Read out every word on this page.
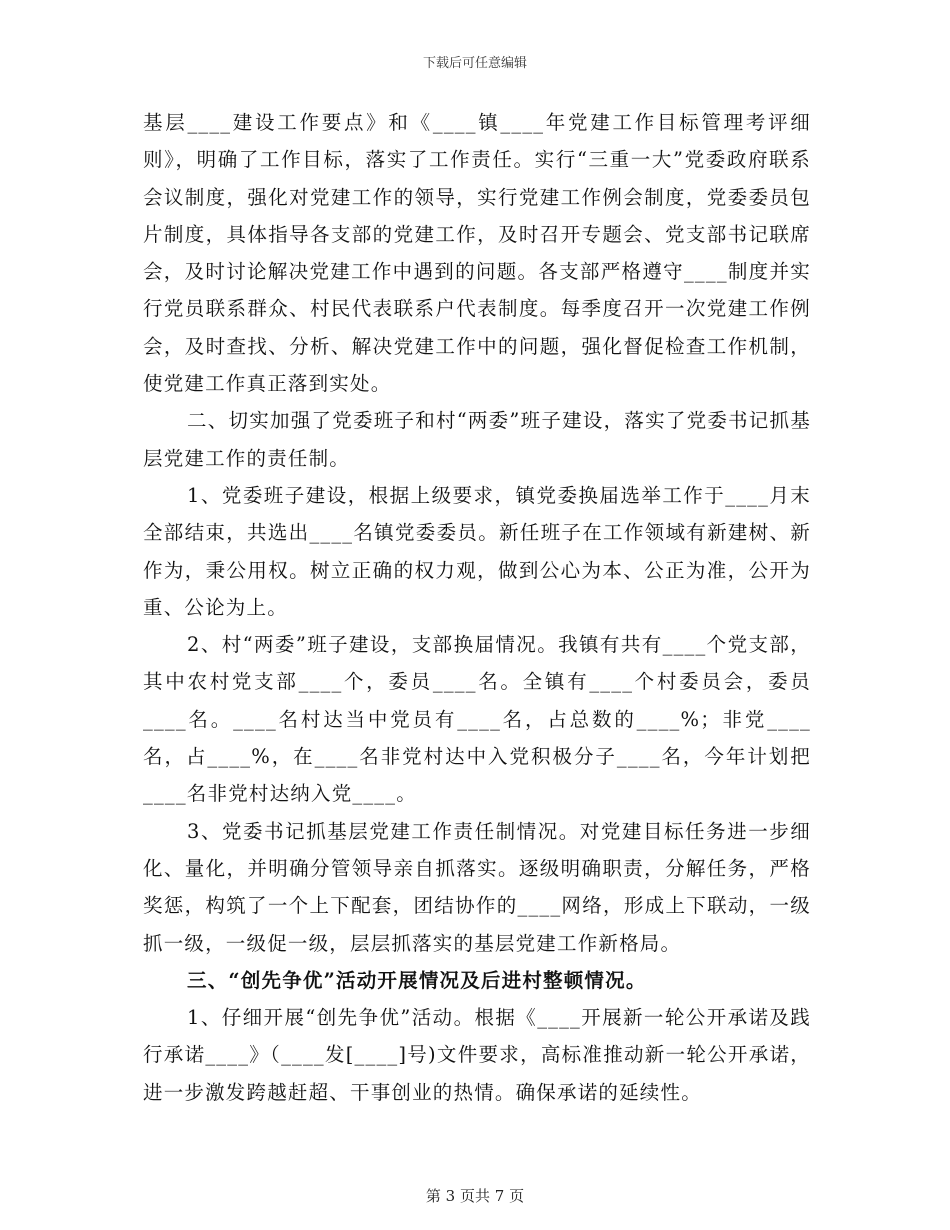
下载后可任意编辑

基层____建设工作要点》和《____镇____年党建工作目标管理考评细则》，明确了工作目标，落实了工作责任。实行“三重一大”党委政府联系会议制度，强化对党建工作的领导，实行党建工作例会制度，党委委员包片制度，具体指导各支部的党建工作，及时召开专题会、党支部书记联席会，及时讨论解决党建工作中遇到的问题。各支部严格遵守____制度并实行党员联系群众、村民代表联系户代表制度。每季度召开一次党建工作例会，及时查找、分析、解决党建工作中的问题，强化督促检查工作机制，使党建工作真正落到实处。

二、切实加强了党委班子和村“两委”班子建设，落实了党委书记抓基层党建工作的责任制。

1、党委班子建设，根据上级要求，镇党委换届选举工作于____月末全部结束，共选出____名镇党委委员。新任班子在工作领域有新建树、新作为，秉公用权。树立正确的权力观，做到公心为本、公正为准，公开为重、公论为上。

2、村“两委”班子建设，支部换届情况。我镇有共有____个党支部，其中农村党支部____个，委员____名。全镇有____个村委员会，委员____名。____名村达当中党员有____名，占总数的____%；非党____名，占____%，在____名非党村达中入党积极分子____名，今年计划把____名非党村达纳入党____。

3、党委书记抓基层党建工作责任制情况。对党建目标任务进一步细化、量化，并明确分管领导亲自抓落实。逐级明确职责，分解任务，严格奖惩，构筑了一个上下配套，团结协作的____网络，形成上下联动，一级抓一级，一级促一级，层层抓落实的基层党建工作新格局。

三、“创先争优”活动开展情况及后进村整顿情况。

1、仔细开展“创先争优”活动。根据《____开展新一轮公开承诺及践行承诺____》（____发[____]号)文件要求，高标准推动新一轮公开承诺，进一步激发跨越赶超、干事创业的热情。确保承诺的延续性。

第 3 页共 7 页
